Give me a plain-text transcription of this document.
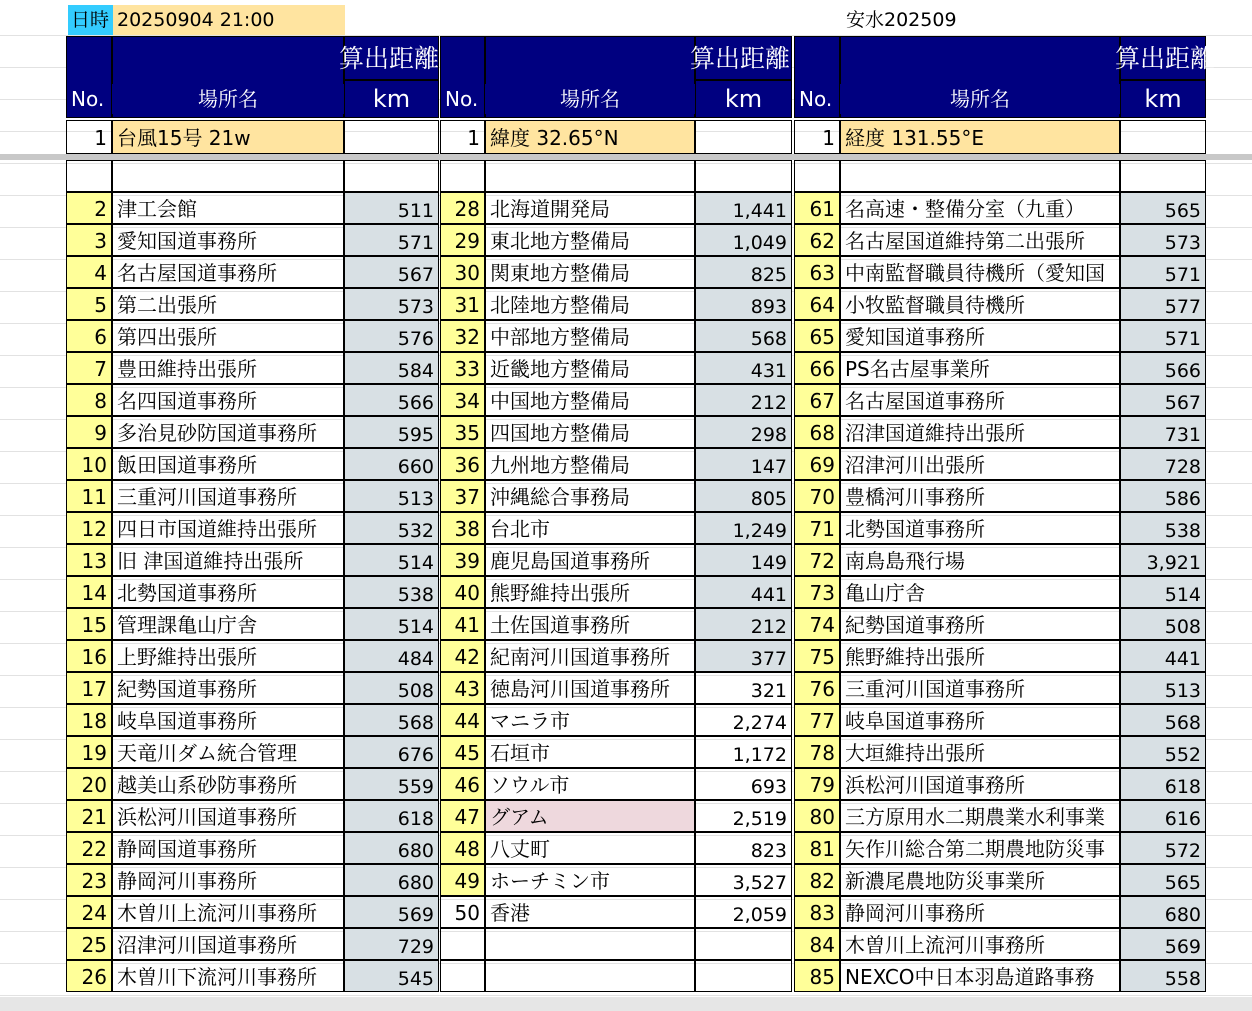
日時 20250904 21:00	安水202509
No.	場所名
算出距離
km
1 台風15号 21w
2 津工会館	511
3 愛知国道事務所	571
4 名古屋国道事務所	567
5 第二出張所	573
6 第四出張所	576
7 豊田維持出張所	584
8 名四国道事務所	566
9 多治見砂防国道事務所	595
10 飯田国道事務所	660
11 三重河川国道事務所	513
12 四日市国道維持出張所	532
13 旧 津国道維持出張所	514
14 北勢国道事務所	538
15 管理課亀山庁舎	514
16 上野維持出張所	484
17 紀勢国道事務所	508
18 岐阜国道事務所	568
19 天竜川ダム統合管理	676
20 越美山系砂防事務所	559
21 浜松河川国道事務所	618
22 静岡国道事務所	680
23 静岡河川事務所	680
24 木曽川上流河川事務所	569
25 沼津河川国道事務所	729
26 木曽川下流河川事務所	545
No.	場所名
算出距離
km
1 緯度 32.65°N
28 北海道開発局	1,441
29 東北地方整備局	1,049
30 関東地方整備局	825
31 北陸地方整備局	893
32 中部地方整備局	568
33 近畿地方整備局	431
34 中国地方整備局	212
35 四国地方整備局	298
36 九州地方整備局	147
37 沖縄総合事務局	805
38 台北市	1,249
39 鹿児島国道事務所	149
40 熊野維持出張所	441
41 土佐国道事務所	212
42 紀南河川国道事務所	377
43 徳島河川国道事務所	321
44 マニラ市	2,274
45 石垣市	1,172
46 ソウル市	693
47 グアム	2,519
48 八丈町	823
49 ホーチミン市	3,527
50 香港	2,059
No.	場所名
算出距離
km
1 経度 131.55°E
61 名高速・整備分室（九重）	565
62 名古屋国道維持第二出張所	573
63 中南監督職員待機所（愛知国	571
64 小牧監督職員待機所	577
65 愛知国道事務所	571
66 PS名古屋事業所	566
67 名古屋国道事務所	567
68 沼津国道維持出張所	731
69 沼津河川出張所	728
70 豊橋河川事務所	586
71 北勢国道事務所	538
72 南鳥島飛行場	3,921
73 亀山庁舎	514
74 紀勢国道事務所	508
75 熊野維持出張所	441
76 三重河川国道事務所	513
77 岐阜国道事務所	568
78 大垣維持出張所	552
79 浜松河川国道事務所	618
80 三方原用水二期農業水利事業	616
81 矢作川総合第二期農地防災事	572
82 新濃尾農地防災事業所	565
83 静岡河川事務所	680
84 木曽川上流河川事務所	569
85 NEXCO中日本羽島道路事務	558
